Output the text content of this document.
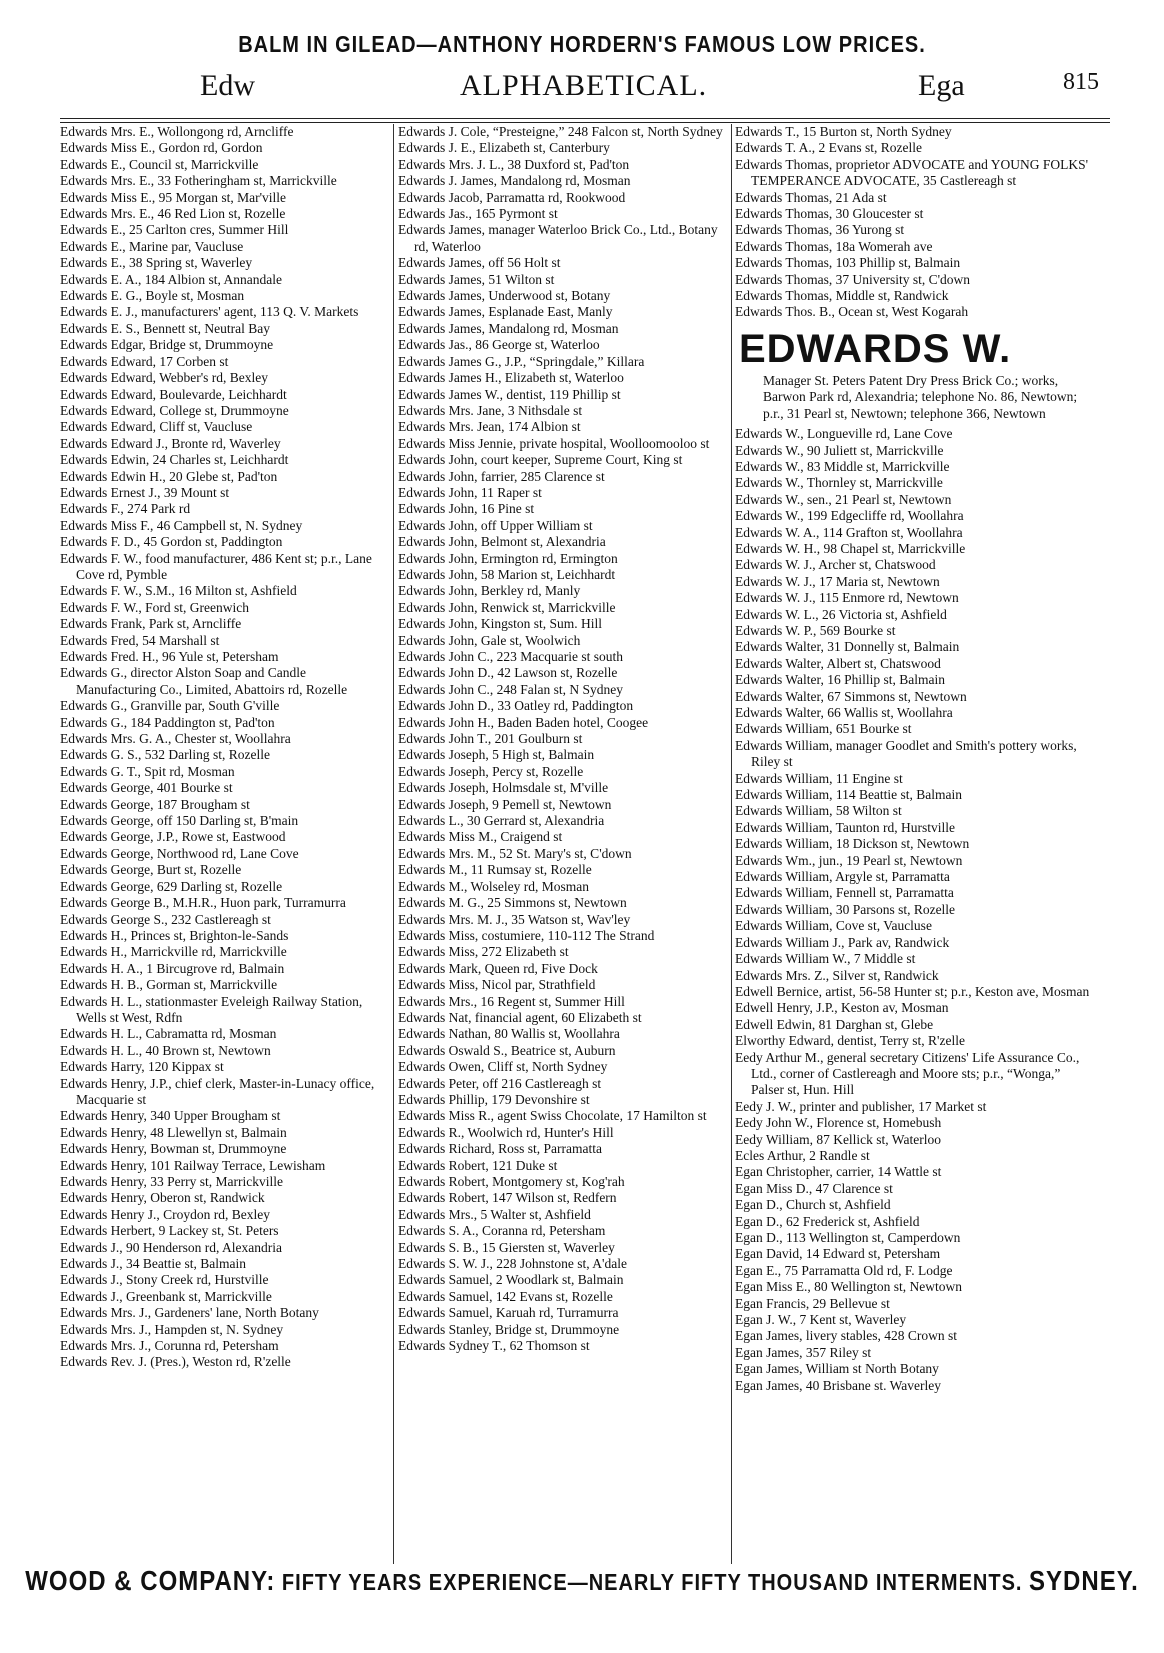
BALM IN GILEAD—ANTHONY HORDERN'S FAMOUS LOW PRICES.
Edw	ALPHABETICAL.	Ega	815

Edwards Mrs. E., Wollongong rd, Arncliffe

Edwards Miss E., Gordon rd, Gordon

Edwards E., Council st, Marrickville

Edwards Mrs. E., 33 Fotheringham st, Marrickville

Edwards Miss E., 95 Morgan st, Mar'ville

Edwards Mrs. E., 46 Red Lion st, Rozelle

Edwards E., 25 Carlton cres, Summer Hill

Edwards E., Marine par, Vaucluse

Edwards E., 38 Spring st, Waverley

Edwards E. A., 184 Albion st, Annandale

Edwards E. G., Boyle st, Mosman

Edwards E. J., manufacturers' agent, 113 Q. V. Markets

Edwards E. S., Bennett st, Neutral Bay

Edwards Edgar, Bridge st, Drummoyne

Edwards Edward, 17 Corben st

Edwards Edward, Webber's rd, Bexley

Edwards Edward, Boulevarde, Leichhardt

Edwards Edward, College st, Drummoyne

Edwards Edward, Cliff st, Vaucluse

Edwards Edward J., Bronte rd, Waverley

Edwards Edwin, 24 Charles st, Leichhardt

Edwards Edwin H., 20 Glebe st, Pad'ton

Edwards Ernest J., 39 Mount st

Edwards F., 274 Park rd

Edwards Miss F., 46 Campbell st, N. Sydney

Edwards F. D., 45 Gordon st, Paddington

Edwards F. W., food manufacturer, 486 Kent st; p.r., Lane Cove rd, Pymble

Edwards F. W., S.M., 16 Milton st, Ashfield

Edwards F. W., Ford st, Greenwich

Edwards Frank, Park st, Arncliffe

Edwards Fred, 54 Marshall st

Edwards Fred. H., 96 Yule st, Petersham

Edwards G., director Alston Soap and Candle Manufacturing Co., Limited, Abattoirs rd, Rozelle

Edwards G., Granville par, South G'ville

Edwards G., 184 Paddington st, Pad'ton

Edwards Mrs. G. A., Chester st, Woollahra

Edwards G. S., 532 Darling st, Rozelle

Edwards G. T., Spit rd, Mosman

Edwards George, 401 Bourke st

Edwards George, 187 Brougham st

Edwards George, off 150 Darling st, B'main

Edwards George, J.P., Rowe st, Eastwood

Edwards George, Northwood rd, Lane Cove

Edwards George, Burt st, Rozelle

Edwards George, 629 Darling st, Rozelle

Edwards George B., M.H.R., Huon park, Turramurra

Edwards George S., 232 Castlereagh st

Edwards H., Princes st, Brighton-le-Sands

Edwards H., Marrickville rd, Marrickville

Edwards H. A., 1 Bircugrove rd, Balmain

Edwards H. B., Gorman st, Marrickville

Edwards H. L., stationmaster Eveleigh Railway Station, Wells st West, Rdfn

Edwards H. L., Cabramatta rd, Mosman

Edwards H. L., 40 Brown st, Newtown

Edwards Harry, 120 Kippax st

Edwards Henry, J.P., chief clerk, Master-in-Lunacy office, Macquarie st

Edwards Henry, 340 Upper Brougham st

Edwards Henry, 48 Llewellyn st, Balmain

Edwards Henry, Bowman st, Drummoyne

Edwards Henry, 101 Railway Terrace, Lewisham

Edwards Henry, 33 Perry st, Marrickville

Edwards Henry, Oberon st, Randwick

Edwards Henry J., Croydon rd, Bexley

Edwards Herbert, 9 Lackey st, St. Peters

Edwards J., 90 Henderson rd, Alexandria

Edwards J., 34 Beattie st, Balmain

Edwards J., Stony Creek rd, Hurstville

Edwards J., Greenbank st, Marrickville

Edwards Mrs. J., Gardeners' lane, North Botany

Edwards Mrs. J., Hampden st, N. Sydney

Edwards Mrs. J., Corunna rd, Petersham

Edwards Rev. J. (Pres.), Weston rd, R'zelle

Edwards J. Cole, “Presteigne,” 248 Falcon st, North Sydney

Edwards J. E., Elizabeth st, Canterbury

Edwards Mrs. J. L., 38 Duxford st, Pad'ton

Edwards J. James, Mandalong rd, Mosman

Edwards Jacob, Parramatta rd, Rookwood

Edwards Jas., 165 Pyrmont st

Edwards James, manager Waterloo Brick Co., Ltd., Botany rd, Waterloo

Edwards James, off 56 Holt st

Edwards James, 51 Wilton st

Edwards James, Underwood st, Botany

Edwards James, Esplanade East, Manly

Edwards James, Mandalong rd, Mosman

Edwards Jas., 86 George st, Waterloo

Edwards James G., J.P., “Springdale,” Killara

Edwards James H., Elizabeth st, Waterloo

Edwards James W., dentist, 119 Phillip st

Edwards Mrs. Jane, 3 Nithsdale st

Edwards Mrs. Jean, 174 Albion st

Edwards Miss Jennie, private hospital, Woolloomooloo st

Edwards John, court keeper, Supreme Court, King st

Edwards John, farrier, 285 Clarence st

Edwards John, 11 Raper st

Edwards John, 16 Pine st

Edwards John, off Upper William st

Edwards John, Belmont st, Alexandria

Edwards John, Ermington rd, Ermington

Edwards John, 58 Marion st, Leichhardt

Edwards John, Berkley rd, Manly

Edwards John, Renwick st, Marrickville

Edwards John, Kingston st, Sum. Hill

Edwards John, Gale st, Woolwich

Edwards John C., 223 Macquarie st south

Edwards John D., 42 Lawson st, Rozelle

Edwards John C., 248 Falan st, N Sydney

Edwards John D., 33 Oatley rd, Paddington

Edwards John H., Baden Baden hotel, Coogee

Edwards John T., 201 Goulburn st

Edwards Joseph, 5 High st, Balmain

Edwards Joseph, Percy st, Rozelle

Edwards Joseph, Holmsdale st, M'ville

Edwards Joseph, 9 Pemell st, Newtown

Edwards L., 30 Gerrard st, Alexandria

Edwards Miss M., Craigend st

Edwards Mrs. M., 52 St. Mary's st, C'down

Edwards M., 11 Rumsay st, Rozelle

Edwards M., Wolseley rd, Mosman

Edwards M. G., 25 Simmons st, Newtown

Edwards Mrs. M. J., 35 Watson st, Wav'ley

Edwards Miss, costumiere, 110-112 The Strand

Edwards Miss, 272 Elizabeth st

Edwards Mark, Queen rd, Five Dock

Edwards Miss, Nicol par, Strathfield

Edwards Mrs., 16 Regent st, Summer Hill

Edwards Nat, financial agent, 60 Elizabeth st

Edwards Nathan, 80 Wallis st, Woollahra

Edwards Oswald S., Beatrice st, Auburn

Edwards Owen, Cliff st, North Sydney

Edwards Peter, off 216 Castlereagh st

Edwards Phillip, 179 Devonshire st

Edwards Miss R., agent Swiss Chocolate, 17 Hamilton st

Edwards R., Woolwich rd, Hunter's Hill

Edwards Richard, Ross st, Parramatta

Edwards Robert, 121 Duke st

Edwards Robert, Montgomery st, Kog'rah

Edwards Robert, 147 Wilson st, Redfern

Edwards Mrs., 5 Walter st, Ashfield

Edwards S. A., Coranna rd, Petersham

Edwards S. B., 15 Giersten st, Waverley

Edwards S. W. J., 228 Johnstone st, A'dale

Edwards Samuel, 2 Woodlark st, Balmain

Edwards Samuel, 142 Evans st, Rozelle

Edwards Samuel, Karuah rd, Turramurra

Edwards Stanley, Bridge st, Drummoyne

Edwards Sydney T., 62 Thomson st

Edwards T., 15 Burton st, North Sydney

Edwards T. A., 2 Evans st, Rozelle

Edwards Thomas, proprietor ADVOCATE and YOUNG FOLKS' TEMPERANCE ADVOCATE, 35 Castlereagh st

Edwards Thomas, 21 Ada st

Edwards Thomas, 30 Gloucester st

Edwards Thomas, 36 Yurong st

Edwards Thomas, 18a Womerah ave

Edwards Thomas, 103 Phillip st, Balmain

Edwards Thomas, 37 University st, C'down

Edwards Thomas, Middle st, Randwick

Edwards Thos. B., Ocean st, West Kogarah

EDWARDS W.

Manager St. Peters Patent Dry Press Brick Co.; works, Barwon Park rd, Alexandria; telephone No. 86, Newtown; p.r., 31 Pearl st, Newtown; telephone 366, Newtown

Edwards W., Longueville rd, Lane Cove

Edwards W., 90 Juliett st, Marrickville

Edwards W., 83 Middle st, Marrickville

Edwards W., Thornley st, Marrickville

Edwards W., sen., 21 Pearl st, Newtown

Edwards W., 199 Edgecliffe rd, Woollahra

Edwards W. A., 114 Grafton st, Woollahra

Edwards W. H., 98 Chapel st, Marrickville

Edwards W. J., Archer st, Chatswood

Edwards W. J., 17 Maria st, Newtown

Edwards W. J., 115 Enmore rd, Newtown

Edwards W. L., 26 Victoria st, Ashfield

Edwards W. P., 569 Bourke st

Edwards Walter, 31 Donnelly st, Balmain

Edwards Walter, Albert st, Chatswood

Edwards Walter, 16 Phillip st, Balmain

Edwards Walter, 67 Simmons st, Newtown

Edwards Walter, 66 Wallis st, Woollahra

Edwards William, 651 Bourke st

Edwards William, manager Goodlet and Smith's pottery works, Riley st

Edwards William, 11 Engine st

Edwards William, 114 Beattie st, Balmain

Edwards William, 58 Wilton st

Edwards William, Taunton rd, Hurstville

Edwards William, 18 Dickson st, Newtown

Edwards Wm., jun., 19 Pearl st, Newtown

Edwards William, Argyle st, Parramatta

Edwards William, Fennell st, Parramatta

Edwards William, 30 Parsons st, Rozelle

Edwards William, Cove st, Vaucluse

Edwards William J., Park av, Randwick

Edwards William W., 7 Middle st

Edwards Mrs. Z., Silver st, Randwick

Edwell Bernice, artist, 56-58 Hunter st; p.r., Keston ave, Mosman

Edwell Henry, J.P., Keston av, Mosman

Edwell Edwin, 81 Darghan st, Glebe

Elworthy Edward, dentist, Terry st, R'zelle

Eedy Arthur M., general secretary Citizens' Life Assurance Co., Ltd., corner of Castlereagh and Moore sts; p.r., “Wonga,” Palser st, Hun. Hill

Eedy J. W., printer and publisher, 17 Market st

Eedy John W., Florence st, Homebush

Eedy William, 87 Kellick st, Waterloo

Ecles Arthur, 2 Randle st

Egan Christopher, carrier, 14 Wattle st

Egan Miss D., 47 Clarence st

Egan D., Church st, Ashfield

Egan D., 62 Frederick st, Ashfield

Egan D., 113 Wellington st, Camperdown

Egan David, 14 Edward st, Petersham

Egan E., 75 Parramatta Old rd, F. Lodge

Egan Miss E., 80 Wellington st, Newtown

Egan Francis, 29 Bellevue st

Egan J. W., 7 Kent st, Waverley

Egan James, livery stables, 428 Crown st

Egan James, 357 Riley st

Egan James, William st North Botany

Egan James, 40 Brisbane st. Waverley

WOOD & COMPANY: FIFTY YEARS EXPERIENCE—NEARLY FIFTY THOUSAND INTERMENTS. SYDNEY.
